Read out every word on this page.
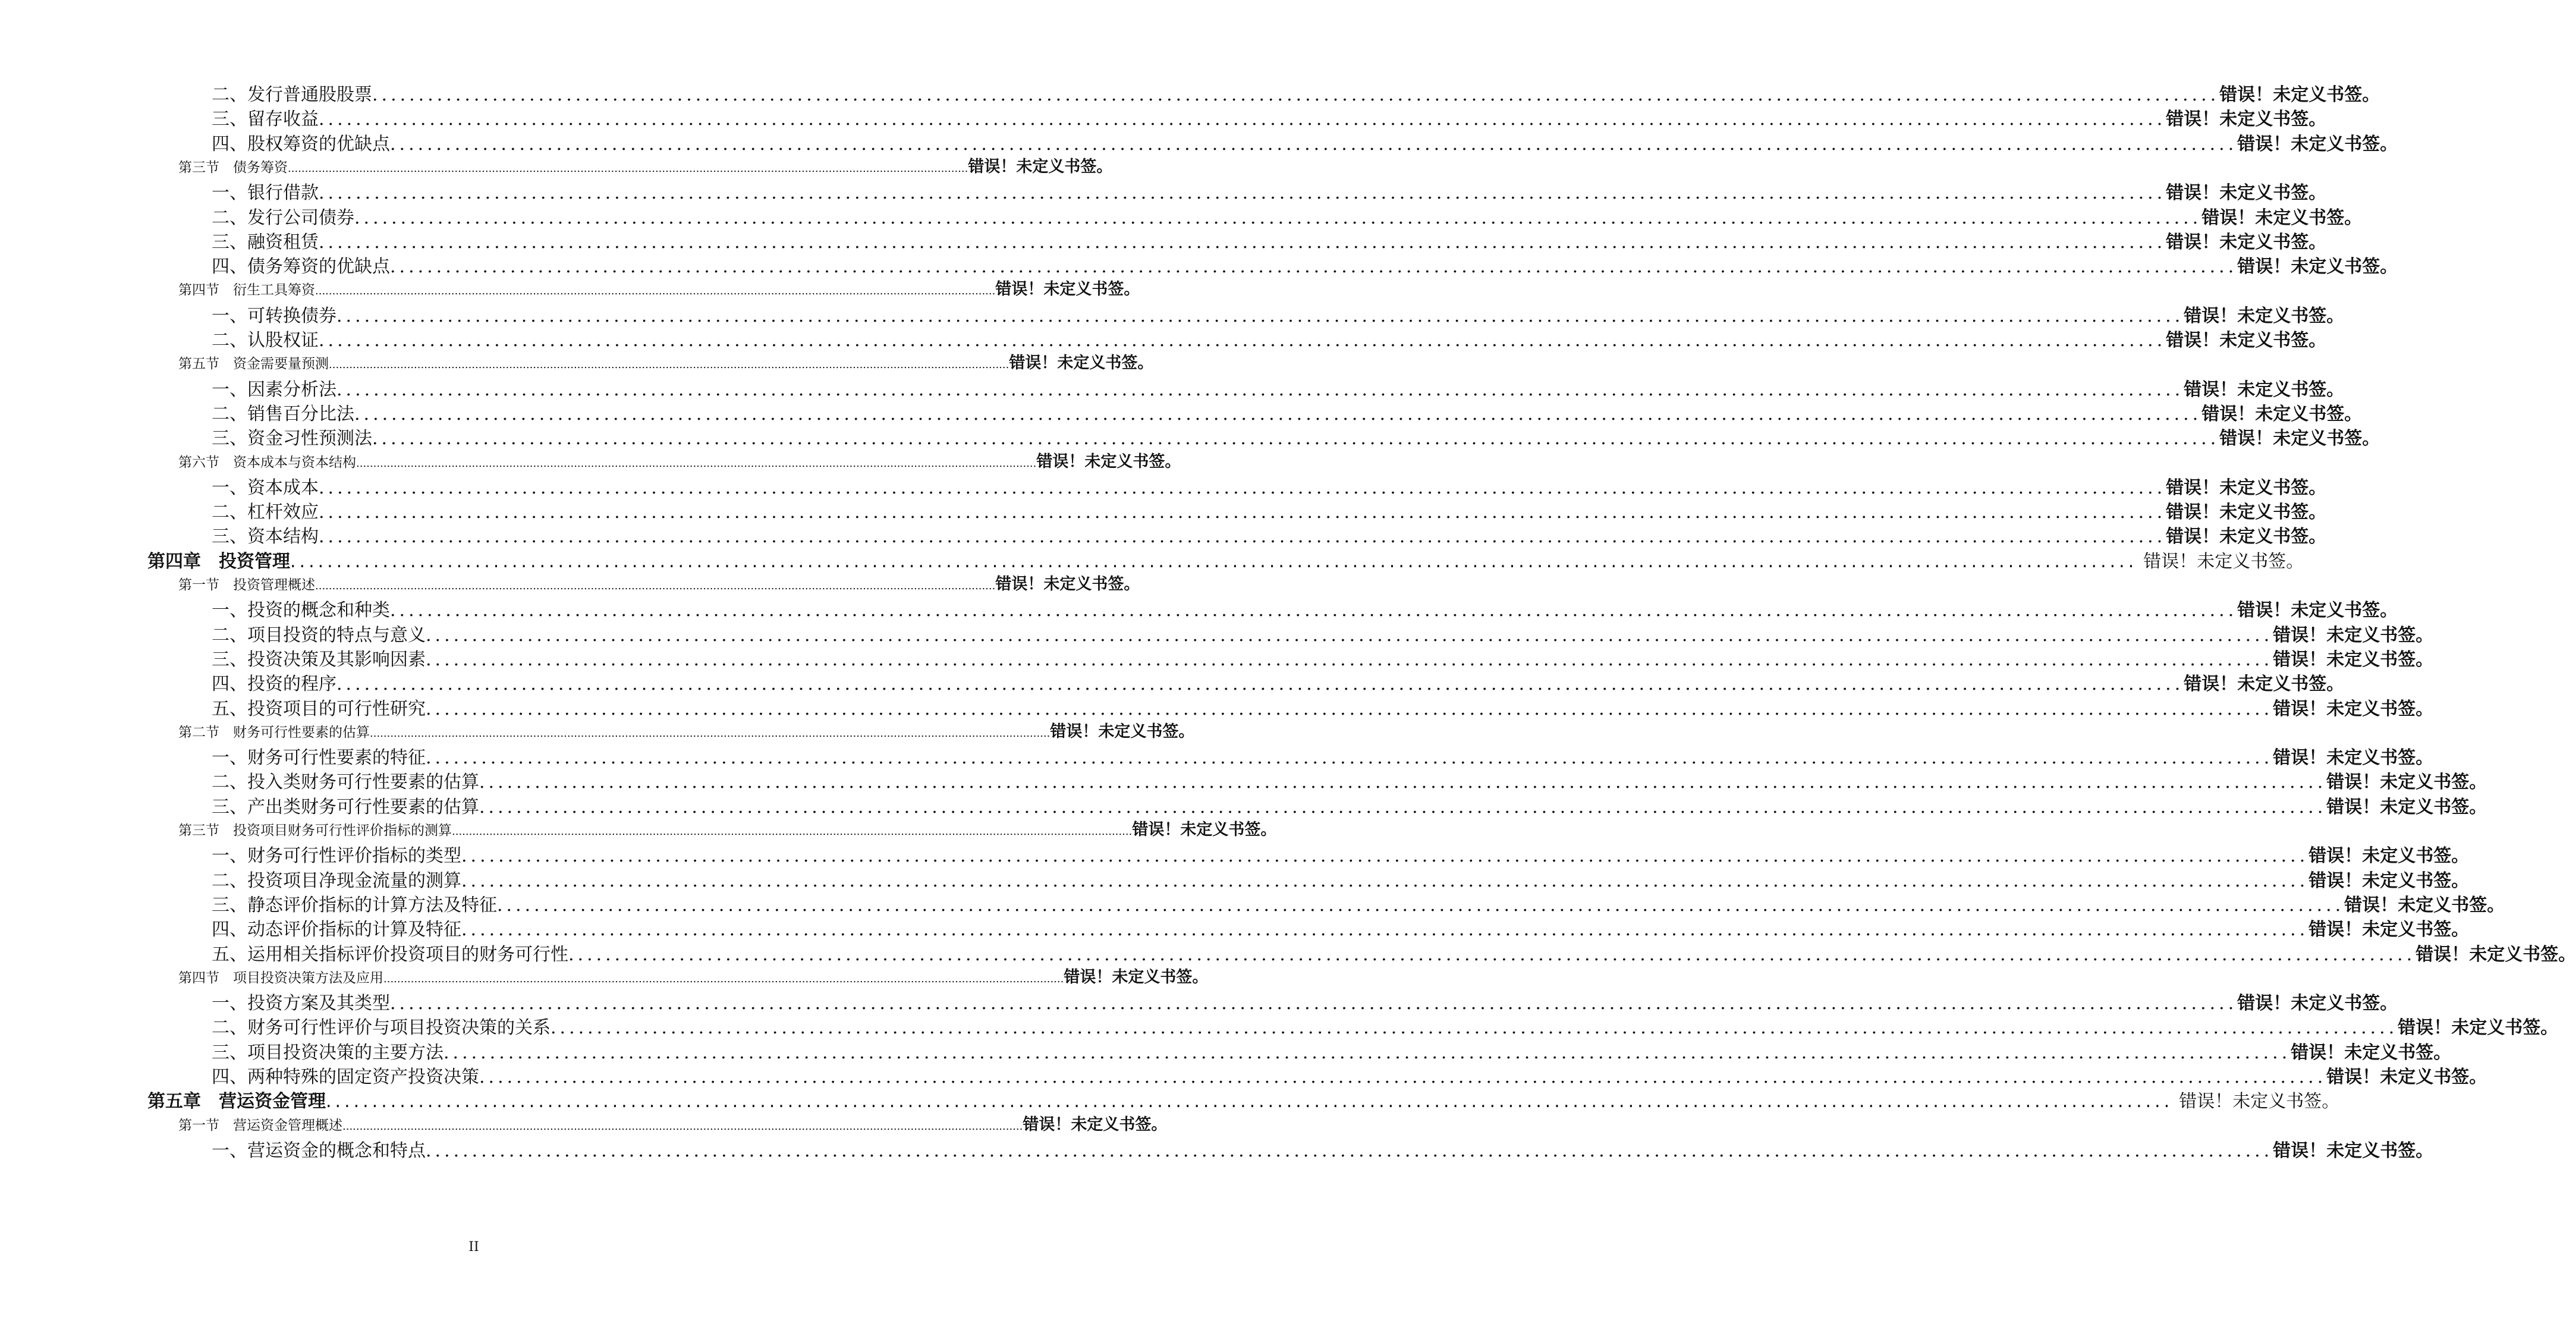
二、发行普通股股票 ........................................................................................................................................................................................................ 错误！未定义书签。
三、留存收益 ........................................................................................................................................................................................................ 错误！未定义书签。
四、股权筹资的优缺点 ........................................................................................................................................................................................................ 错误！未定义书签。
第三节　债务筹资 ........................................................................................................................................................................................................ 错误！未定义书签。
一、银行借款 ........................................................................................................................................................................................................ 错误！未定义书签。
二、发行公司债券 ........................................................................................................................................................................................................ 错误！未定义书签。
三、融资租赁 ........................................................................................................................................................................................................ 错误！未定义书签。
四、债务筹资的优缺点 ........................................................................................................................................................................................................ 错误！未定义书签。
第四节　衍生工具筹资 ........................................................................................................................................................................................................ 错误！未定义书签。
一、可转换债券 ........................................................................................................................................................................................................ 错误！未定义书签。
二、认股权证 ........................................................................................................................................................................................................ 错误！未定义书签。
第五节　资金需要量预测 ........................................................................................................................................................................................................ 错误！未定义书签。
一、因素分析法 ........................................................................................................................................................................................................ 错误！未定义书签。
二、销售百分比法 ........................................................................................................................................................................................................ 错误！未定义书签。
三、资金习性预测法 ........................................................................................................................................................................................................ 错误！未定义书签。
第六节　资本成本与资本结构 ........................................................................................................................................................................................................ 错误！未定义书签。
一、资本成本 ........................................................................................................................................................................................................ 错误！未定义书签。
二、杠杆效应 ........................................................................................................................................................................................................ 错误！未定义书签。
三、资本结构 ........................................................................................................................................................................................................ 错误！未定义书签。
第四章　投资管理 ........................................................................................................................................................................................................ 错误！未定义书签。
第一节　投资管理概述 ........................................................................................................................................................................................................ 错误！未定义书签。
一、投资的概念和种类 ........................................................................................................................................................................................................ 错误！未定义书签。
二、项目投资的特点与意义 ........................................................................................................................................................................................................ 错误！未定义书签。
三、投资决策及其影响因素 ........................................................................................................................................................................................................ 错误！未定义书签。
四、投资的程序 ........................................................................................................................................................................................................ 错误！未定义书签。
五、投资项目的可行性研究 ........................................................................................................................................................................................................ 错误！未定义书签。
第二节　财务可行性要素的估算 ........................................................................................................................................................................................................ 错误！未定义书签。
一、财务可行性要素的特征 ........................................................................................................................................................................................................ 错误！未定义书签。
二、投入类财务可行性要素的估算 ........................................................................................................................................................................................................ 错误！未定义书签。
三、产出类财务可行性要素的估算 ........................................................................................................................................................................................................ 错误！未定义书签。
第三节　投资项目财务可行性评价指标的测算 ........................................................................................................................................................................................................ 错误！未定义书签。
一、财务可行性评价指标的类型 ........................................................................................................................................................................................................ 错误！未定义书签。
二、投资项目净现金流量的测算 ........................................................................................................................................................................................................ 错误！未定义书签。
三、静态评价指标的计算方法及特征 ........................................................................................................................................................................................................ 错误！未定义书签。
四、动态评价指标的计算及特征 ........................................................................................................................................................................................................ 错误！未定义书签。
五、运用相关指标评价投资项目的财务可行性 ........................................................................................................................................................................................................ 错误！未定义书签。
第四节　项目投资决策方法及应用 ........................................................................................................................................................................................................ 错误！未定义书签。
一、投资方案及其类型 ........................................................................................................................................................................................................ 错误！未定义书签。
二、财务可行性评价与项目投资决策的关系 ........................................................................................................................................................................................................ 错误！未定义书签。
三、项目投资决策的主要方法 ........................................................................................................................................................................................................ 错误！未定义书签。
四、两种特殊的固定资产投资决策 ........................................................................................................................................................................................................ 错误！未定义书签。
第五章　营运资金管理 ........................................................................................................................................................................................................ 错误！未定义书签。
第一节　营运资金管理概述 ........................................................................................................................................................................................................ 错误！未定义书签。
一、营运资金的概念和特点 ........................................................................................................................................................................................................ 错误！未定义书签。
II
